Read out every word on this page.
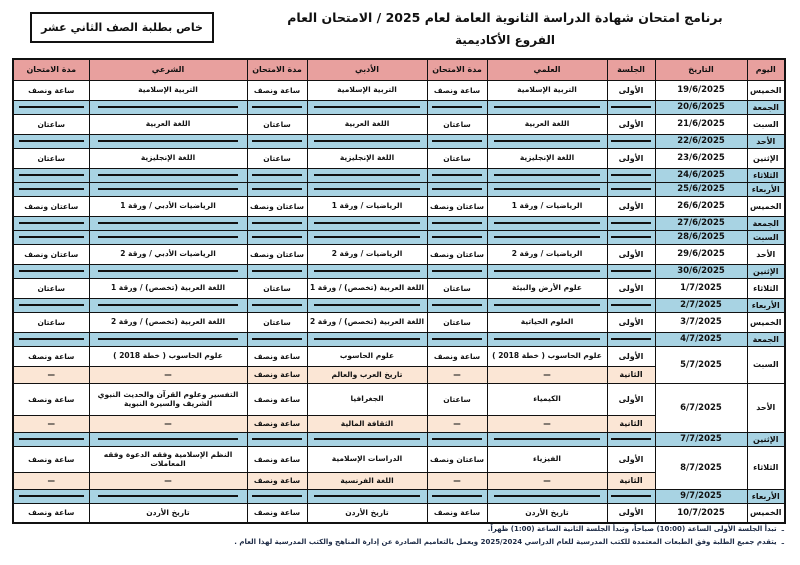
خاص بطلبة الصف الثاني عشر
برنامج امتحان شهادة الدراسة الثانوية العامة لعام 2025 / الامتحان العام
الفروع الأكاديمية
اليوم	التاريخ	الجلسة	العلمي	مدة الامتحان	الأدبي	مدة الامتحان	الشرعي	مدة الامتحان
الخميس	19/6/2025	الأولى	التربية الإسلامية	ساعة ونصف	التربية الإسلامية	ساعة ونصف	التربية الإسلامية	ساعة ونصف
الجمعة	20/6/2025	

السبت	21/6/2025	الأولى	اللغة العربية	ساعتان	اللغة العربية	ساعتان	اللغة العربية	ساعتان
الأحد	22/6/2025	

الإثنين	23/6/2025	الأولى	اللغة الإنجليزية	ساعتان	اللغة الإنجليزية	ساعتان	اللغة الإنجليزية	ساعتان
الثلاثاء	24/6/2025	

الأربعاء	25/6/2025	

الخميس	26/6/2025	الأولى	الرياضيات / ورقة 1	ساعتان ونصف	الرياضيات / ورقة 1	ساعتان ونصف	الرياضيات الأدبي / ورقة 1	ساعتان ونصف
الجمعة	27/6/2025	

السبت	28/6/2025	

الأحد	29/6/2025	الأولى	الرياضيات / ورقة 2	ساعتان ونصف	الرياضيات / ورقة 2	ساعتان ونصف	الرياضيات الأدبي / ورقة 2	ساعتان ونصف
الإثنين	30/6/2025	

الثلاثاء	1/7/2025	الأولى	علوم الأرض والبيئة	ساعتان	اللغة العربية (تخصص) / ورقة 1	ساعتان	اللغة العربية (تخصص) / ورقة 1	ساعتان
الأربعاء	2/7/2025	

الخميس	3/7/2025	الأولى	العلوم الحياتية	ساعتان	اللغة العربية (تخصص) / ورقة 2	ساعتان	اللغة العربية (تخصص) / ورقة 2	ساعتان
الجمعة	4/7/2025	

السبت	5/7/2025	الأولى	علوم الحاسوب ( خطة 2018 )	ساعة ونصف	علوم الحاسوب	ساعة ونصف	علوم الحاسوب ( خطة 2018 )	ساعة ونصف
		الثانية	—	—	تاريخ العرب والعالم	ساعة ونصف	—	—
الأحد	6/7/2025	الأولى	الكيمياء	ساعتان	الجغرافيا	ساعة ونصف	التفسير وعلوم القرآن والحديث النبوي الشريف والسيرة النبوية	ساعة ونصف
		الثانية	—	—	الثقافة المالية	ساعة ونصف	—	—
الإثنين	7/7/2025	

الثلاثاء	8/7/2025	الأولى	الفيزياء	ساعتان ونصف	الدراسات الإسلامية	ساعة ونصف	النظم الإسلامية وفقه الدعوة وفقه المعاملات	ساعة ونصف
		الثانية	—	—	اللغة الفرنسية	ساعة ونصف	—	—
الأربعاء	9/7/2025	

الخميس	10/7/2025	الأولى	تاريخ الأردن	ساعة ونصف	تاريخ الأردن	ساعة ونصف	تاريخ الأردن	ساعة ونصف
ـتبدأ الجلسة الأولى الساعة (10:00) صباحاً، وتبدأ الجلسة الثانية الساعة (1:00) ظهراً.
ـيتقدم جميع الطلبة وفق الطبعات المعتمدة للكتب المدرسية للعام الدراسي 2025/2024 ويعمل بالتعاميم الصادرة عن إدارة المناهج والكتب المدرسية لهذا العام .
